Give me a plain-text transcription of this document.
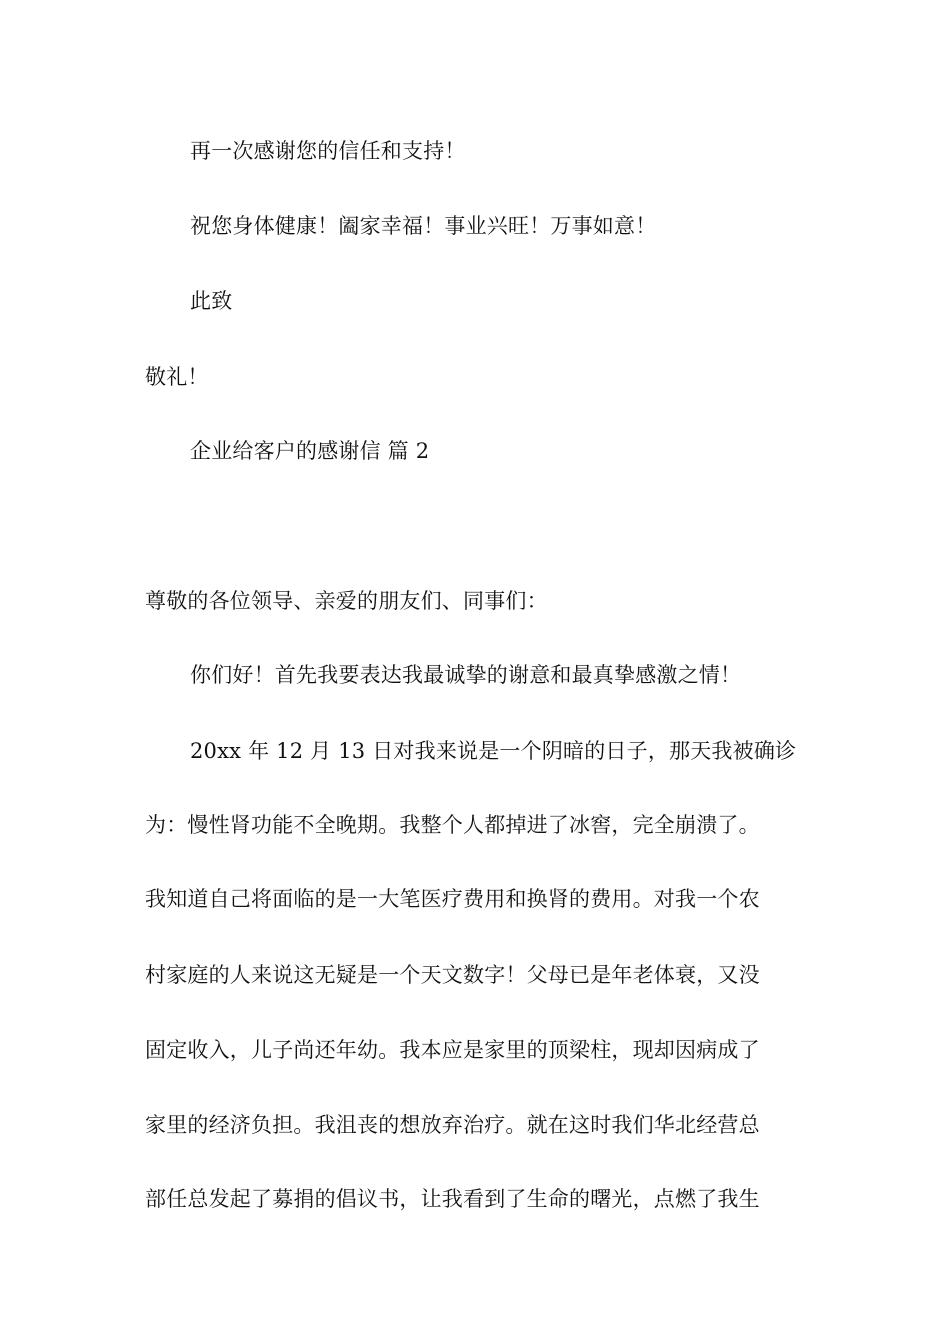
再一次感谢您的信任和支持！
祝您身体健康！阖家幸福！事业兴旺！万事如意！
此致
敬礼！
企业给客户的感谢信 篇 2
尊敬的各位领导、亲爱的朋友们、同事们：
你们好！首先我要表达我最诚挚的谢意和最真挚感激之情！
20xx 年 12 月 13 日对我来说是一个阴暗的日子，那天我被确诊
为：慢性肾功能不全晚期。我整个人都掉进了冰窖，完全崩溃了。
我知道自己将面临的是一大笔医疗费用和换肾的费用。对我一个农
村家庭的人来说这无疑是一个天文数字！父母已是年老体衰，又没
固定收入，儿子尚还年幼。我本应是家里的顶梁柱，现却因病成了
家里的经济负担。我沮丧的想放弃治疗。就在这时我们华北经营总
部任总发起了募捐的倡议书，让我看到了生命的曙光，点燃了我生
